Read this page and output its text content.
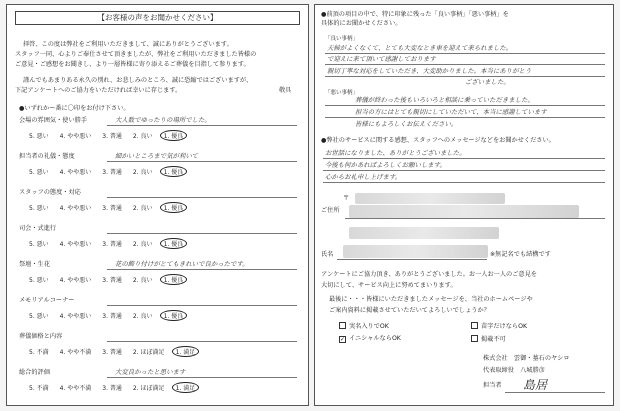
【お客様の声をお聞かせください】
拝啓、この度は弊社をご利用いただきまして、誠にありがとうございます。
スタッフ一同、心よりご奉仕させて頂きましたが、弊社をご利用いただきました皆様の
ご意見・ご感想をお聞きし、より一層皆様に寄り添えるご葬儀を目指して参ります。
謹んでもあまりある永久の別れ、お悲しみのところ、誠に恐縮ではございますが、
下記アンケートへのご協力をいただければ幸いに存じます。	敬具
●いずれかー番に〇印をお付け下さい。
会場の雰囲気・使い勝手	大人数でゆったりの場所でした。
5. 悪い 4. やや悪い 3. 普通 2. 良い 1. 優良
担当者の礼儀・態度	細かいところまで気が利いて
5. 悪い 4. やや悪い 3. 普通 2. 良い 1. 優良
スタッフの態度・対応
5. 悪い 4. やや悪い 3. 普通 2. 良い 1. 優良
司会・式進行
5. 悪い 4. やや悪い 3. 普通 2. 良い 1. 優良
祭壇・生花	花の飾り付けがとてもきれいで良かったです。
5. 悪い 4. やや悪い 3. 普通 2. 良い 1. 優良
メモリアルコーナー
5. 悪い 4. やや悪い 3. 普通 2. 良い 1. 優良
葬儀価格と内容
5. 不満 4. やや不満 3. 普通 2. ほぼ満足 1. 満足
総合的評価	大変良かったと思います
5. 不満 4. やや不満 3. 普通 2. ほぼ満足 1. 満足
●前頂の項目の中で、特に印象に残った「良い事柄」「悪い事柄」を
具体的にお聞かせください。
「良い事柄」
天候がよくなくて、とても大変なとき車を迎えて来られました。
で迎えに来て頂いて感謝しております
親切丁寧な対応をしていただき、大変助かりました。本当にありがとう
ございました。
「悪い事柄」
葬儀が終わった後もいろいろと相談に乗っていただきました。
担当の方にはとても親切にしていただいて、本当に感謝しています
皆様にもよろしくお伝えください。
●弊社のサービスに関する感想、スタッフへのメッセージなどをお聞かせください。
お世話になりました、ありがとうございました。
今後も何かあればよろしくお願いします。
心からお礼申し上げます。
〒
ご住所
氏名	※無記名でも結構です
アンケートにご協力頂き、ありがとうございました。お一人お一人のご意見を
大切にして、サービス向上に努めてまいります。
最後に・・・皆様にいただきましたメッセージを、当社のホームページや
ご案内資料に掲載させていただいてよろしいでしょうか？
実名入りでOK	苗字だけならOK
✓ イニシャルならOK	掲載不可
株式会社　雲御・墓石のヤシロ
代表取締役　八城勝彦
担当者 島居
